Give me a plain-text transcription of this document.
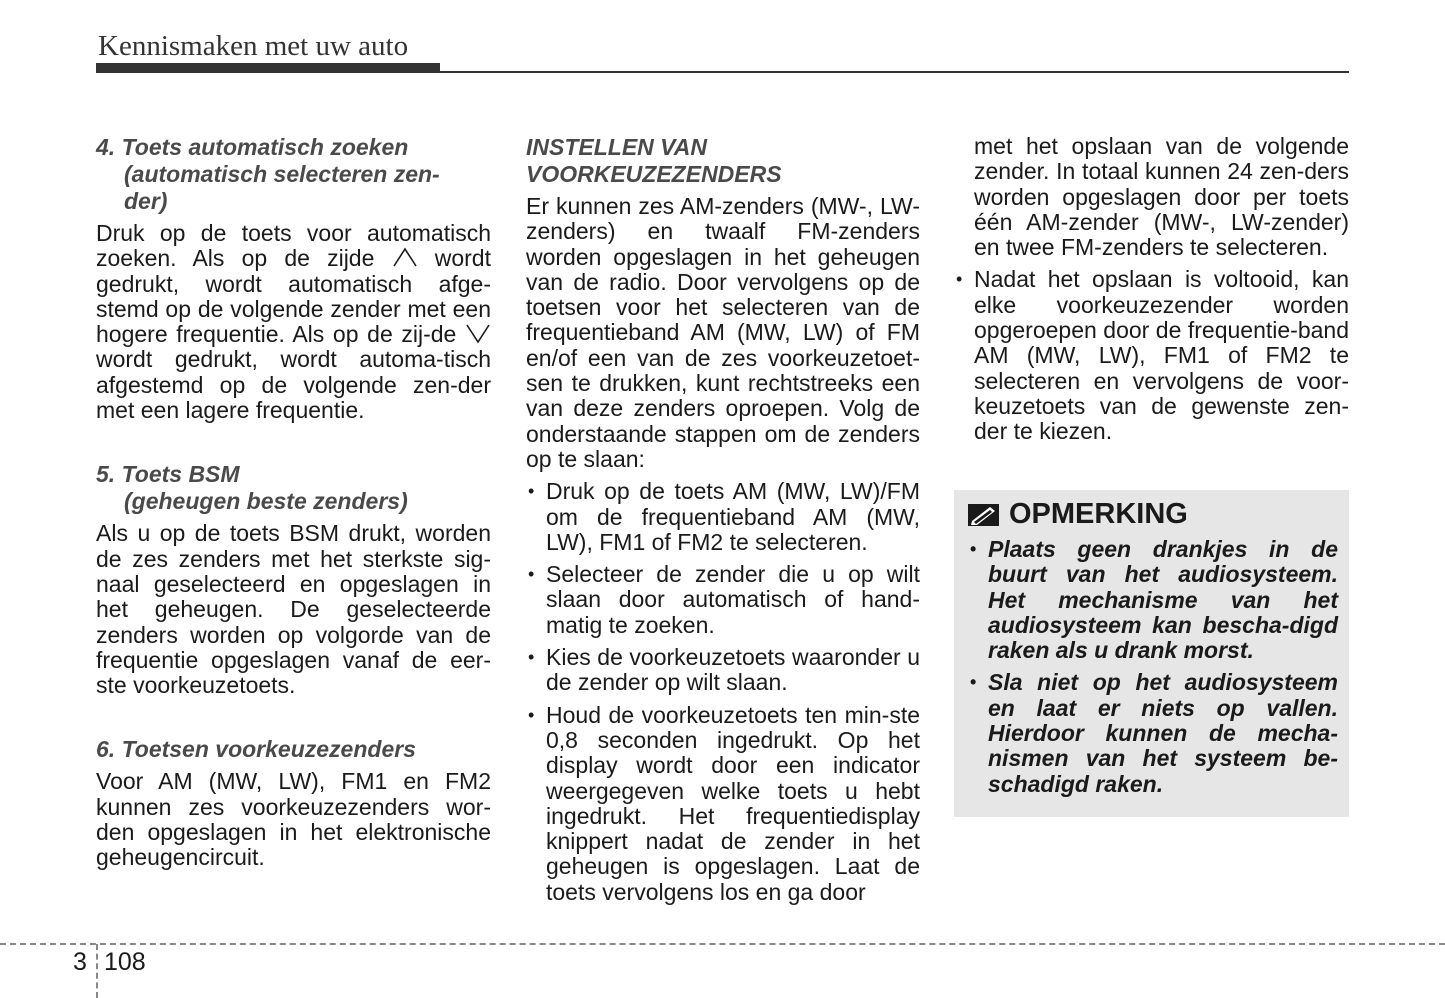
Kennismaken met uw auto
4. Toets automatisch zoeken
(automatisch selecteren zen-
der)

Druk op de toets voor automatisch zoeken. Als op de zijde	wordt gedrukt, wordt automatisch afge-stemd op de volgende zender met een hogere frequentie. Als op de zij-de  wordt gedrukt, wordt automa-tisch afgestemd op de volgende zen-der met een lagere frequentie.

5. Toets BSM
(geheugen beste zenders)

Als u op de toets BSM drukt, worden de zes zenders met het sterkste sig-naal geselecteerd en opgeslagen in het geheugen. De geselecteerde zenders worden op volgorde van de frequentie opgeslagen vanaf de eer-ste voorkeuzetoets.

6. Toetsen voorkeuzezenders

Voor AM (MW, LW), FM1 en FM2 kunnen zes voorkeuzezenders wor-den opgeslagen in het elektronische geheugencircuit.

INSTELLEN VAN
VOORKEUZEZENDERS

Er kunnen zes AM-zenders (MW-, LW-zenders) en twaalf FM-zenders worden opgeslagen in het geheugen van de radio. Door vervolgens op de toetsen voor het selecteren van de frequentieband AM (MW, LW) of FM en/of een van de zes voorkeuzetoet-sen te drukken, kunt rechtstreeks een van deze zenders oproepen. Volg de onderstaande stappen om de zenders op te slaan:

• Druk op de toets AM (MW, LW)/FM om de frequentieband AM (MW, LW), FM1 of FM2 te selecteren.
• Selecteer de zender die u op wilt slaan door automatisch of hand-matig te zoeken.
• Kies de voorkeuzetoets waaronder u de zender op wilt slaan.
• Houd de voorkeuzetoets ten min-ste 0,8 seconden ingedrukt. Op het display wordt door een indicator weergegeven welke toets u hebt ingedrukt. Het frequentiedisplay knippert nadat de zender in het geheugen is opgeslagen. Laat de toets vervolgens los en ga door
met het opslaan van de volgende zender. In totaal kunnen 24 zen-ders worden opgeslagen door per toets één AM-zender (MW-, LW-zender) en twee FM-zenders te selecteren.
• Nadat het opslaan is voltooid, kan elke voorkeuzezender worden opgeroepen door de frequentie-band AM (MW, LW), FM1 of FM2 te selecteren en vervolgens de voor-keuzetoets van de gewenste zen-der te kiezen.
OPMERKING
• Plaats geen drankjes in de buurt van het audiosysteem. Het mechanisme van het audiosysteem kan bescha-digd raken als u drank morst.
• Sla niet op het audiosysteem en laat er niets op vallen. Hierdoor kunnen de mecha-nismen van het systeem be-schadigd raken.
3 108
